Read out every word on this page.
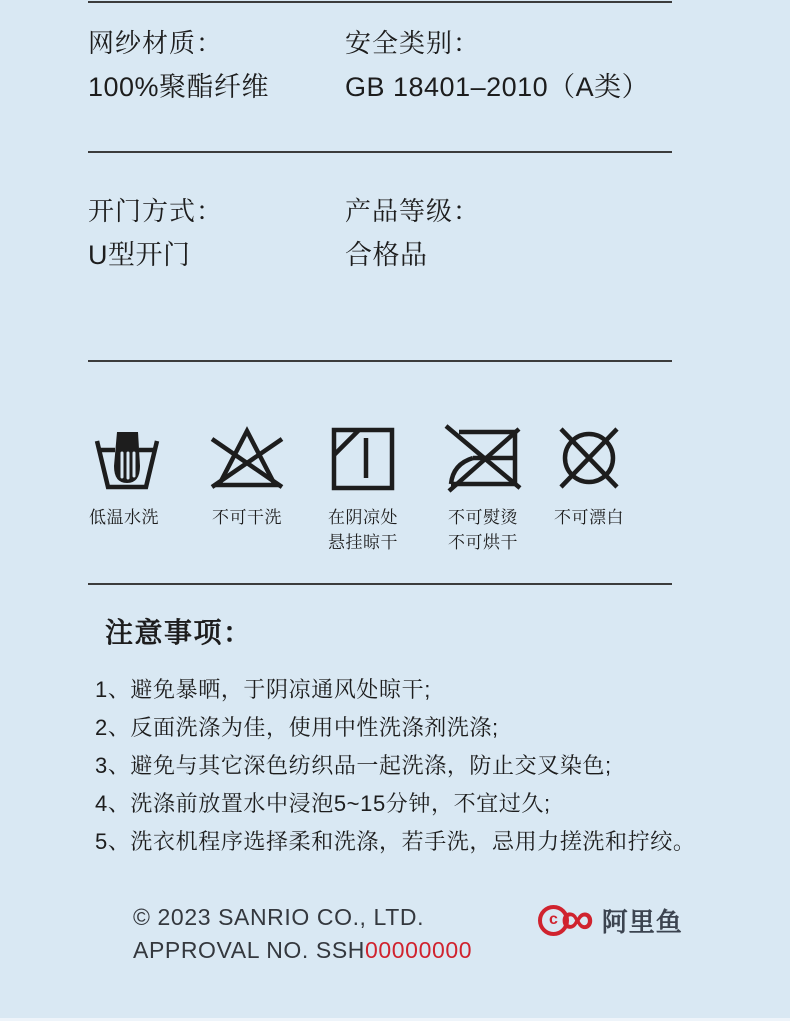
网纱材质：
100%聚酯纤维
安全类别：
GB 18401–2010（A类）
开门方式：
U型开门
产品等级：
合格品
低温水洗	不可干洗	在阴凉处
悬挂晾干
不可熨烫
不可烘干
不可漂白
注意事项：
1、避免暴晒，于阴凉通风处晾干;
2、反面洗涤为佳，使用中性洗涤剂洗涤;
3、避免与其它深色纺织品一起洗涤，防止交叉染色;
4、洗涤前放置水中浸泡5~15分钟，不宜过久;
5、洗衣机程序选择柔和洗涤，若手洗，忌用力搓洗和拧绞。
© 2023 SANRIO CO., LTD.
APPROVAL NO. SSH00000000
c ∞ 阿里鱼
